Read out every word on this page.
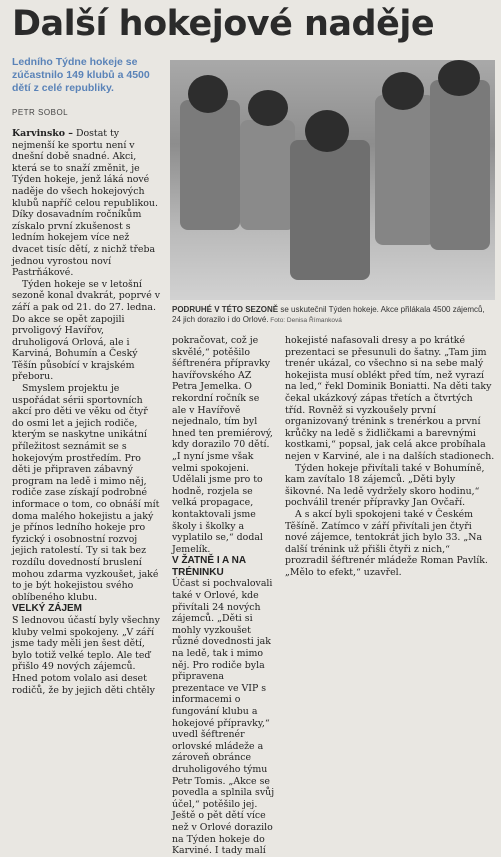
Další hokejové naděje

Ledního Týdne hokeje se zúčastnilo 149 klubů a 4500 dětí z celé republiky.

PETR SOBOL
PODRUHÉ V TÉTO SEZONĚ se uskutečnil Týden hokeje. Akce přilákala 4500 zájemců, 24 jich dorazilo i do Orlové. Foto: Denisa Římanková

Karvinsko – Dostat ty nejmenší ke sportu není v dnešní době snadné. Akci, která se to snaží změnit, je Týden hokeje, jenž láká nové naděje do všech hokejových klubů napříč celou republikou. Díky dosavadním ročníkům získalo první zkušenost s ledním hokejem více než dvacet tisíc dětí, z nichž třeba jednou vyrostou noví Pastrňákové.

Týden hokeje se v letošní sezoně konal dvakrát, poprvé v září a pak od 21. do 27. ledna. Do akce se opět zapojili prvoligový Havířov, druholigová Orlová, ale i Karviná, Bohumín a Český Těšín působící v krajském přeboru.

Smyslem projektu je uspořádat sérii sportovních akcí pro děti ve věku od čtyř do osmi let a jejich rodiče, kterým se naskytne unikátní příležitost seznámit se s hokejovým prostředím. Pro děti je připraven zábavný program na ledě i mimo něj, rodiče zase získají podrobné informace o tom, co obnáší mít doma malého hokejistu a jaký je přínos ledního hokeje pro fyzický i osobnostní rozvoj jejich ratolestí. Ty si tak bez rozdílu dovedností bruslení mohou zdarma vyzkoušet, jaké to je být hokejistou svého oblíbeného klubu.

VELKÝ ZÁJEM

S lednovou účastí byly všechny kluby velmi spokojeny. „V září jsme tady měli jen šest dětí, bylo totiž velké teplo. Ale teď přišlo 49 nových zájemců. Hned potom volalo asi deset rodičů, že by jejich děti chtěly

pokračovat, což je skvělé,“ potěšilo šéftrenéra přípravky havířovského AZ Petra Jemelka. O rekordní ročník se ale v Havířově nejednalo, tím byl hned ten premiérový, kdy dorazilo 70 dětí. „I nyní jsme však velmi spokojeni. Udělali jsme pro to hodně, rozjela se velká propagace, kontaktovali jsme školy i školky a vyplatilo se,“ dodal Jemelík.

V ŽATNĚ I A NA TRÉNINKU

Účast si pochvalovali také v Orlové, kde přivítali 24 nových zájemců. „Děti si mohly vyzkoušet různé dovednosti jak na ledě, tak i mimo něj. Pro rodiče byla připravena prezentace ve VIP s informacemi o fungování klubu a hokejové přípravky,“ uvedl šéftrenér orlovské mládeže a zároveň obránce druholigového týmu Petr Tomis. „Akce se povedla a splnila svůj účel,“ potěšilo jej. Ještě o pět dětí více než v Orlové dorazilo na Týden hokeje do Karviné. I tady malí

hokejisté nafasovali dresy a po krátké prezentaci se přesunuli do šatny. „Tam jim trenér ukázal, co všechno si na sebe malý hokejista musí oblékt před tím, než vyrazí na led,“ řekl Dominik Boniatti. Na děti taky čekal ukázkový zápas třetích a čtvrtých tříd. Rovněž si vyzkoušely první organizovaný trénink s trenérkou a první krůčky na ledě s židličkami a barevnými kostkami,“ popsal, jak celá akce probíhala nejen v Karviné, ale i na dalších stadionech.

Týden hokeje přivítali také v Bohumíně, kam zavítalo 18 zájemců. „Děti byly šikovné. Na ledě vydržely skoro hodinu,“ pochválil trenér přípravky Jan Ovčaří.

A s akcí byli spokojeni také v Českém Těšíně. Zatímco v září přivítali jen čtyři nové zájemce, tentokrát jich bylo 33. „Na další trénink už přišli čtyři z nich,“ prozradil šéftrenér mládeže Roman Pavlík. „Mělo to efekt,“ uzavřel.
